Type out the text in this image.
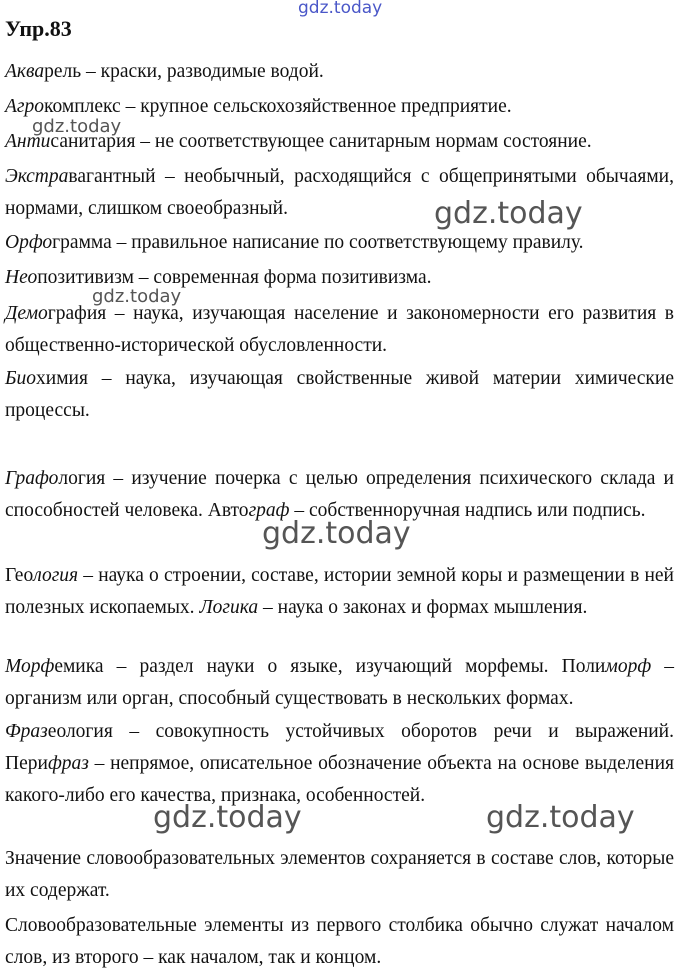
gdz.today
Упр.83

Акварель – краски, разводимые водой.

Агрокомплекс – крупное сельскохозяйственное предприятие.

Антисанитария – не соответствующее санитарным нормам состояние.

Экстравагантный – необычный, расходящийся с общепринятыми обычаями, нормами, слишком своеобразный.

Орфограмма – правильное написание по соответствующему правилу.

Неопозитивизм – современная форма позитивизма.

Демография – наука, изучающая население и закономерности его развития в общественно-исторической обусловленности.

Биохимия – наука, изучающая свойственные живой материи химические процессы.

Графология – изучение почерка с целью определения психического склада и способностей человека. Автограф – собственноручная надпись или подпись.

Геология – наука о строении, составе, истории земной коры и размещении в ней полезных ископаемых. Логика – наука о законах и формах мышления.

Морфемика – раздел науки о языке, изучающий морфемы. Полиморф – организм или орган, способный существовать в нескольких формах.

Фразеология – совокупность устойчивых оборотов речи и выражений. Перифраз – непрямое, описательное обозначение объекта на основе выделения какого-либо его качества, признака, особенностей.

Значение словообразовательных элементов сохраняется в составе слов, которые их содержат.

Словообразовательные элементы из первого столбика обычно служат началом слов, из второго – как началом, так и концом.

gdz.today
gdz.today
gdz.today
gdz.today
gdz.today	gdz.today
